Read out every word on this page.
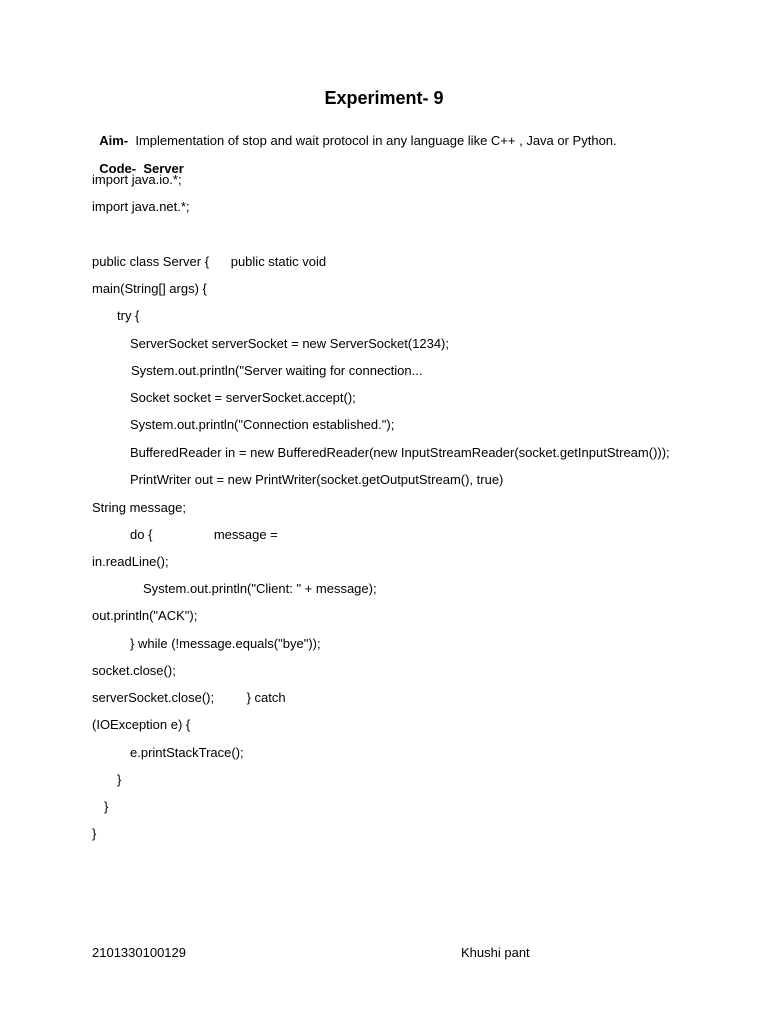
Experiment- 9

Aim- Implementation of stop and wait protocol in any language like C++ , Java or Python.

Code- Server

import java.io.*;
import java.net.*;
public class Server {      public static void
main(String[] args) {
try {
ServerSocket serverSocket = new ServerSocket(1234);
System.out.println("Server waiting for connection...
Socket socket = serverSocket.accept();
System.out.println("Connection established.");
BufferedReader in = new BufferedReader(new InputStreamReader(socket.getInputStream()));
PrintWriter out = new PrintWriter(socket.getOutputStream(), true)
String message;
do {                 message =
in.readLine();
System.out.println("Client: " + message);
out.println("ACK");
} while (!message.equals("bye"));
socket.close();
serverSocket.close();         } catch
(IOException e) {
e.printStackTrace();
}
}
}
2101330100129	Khushi pant
